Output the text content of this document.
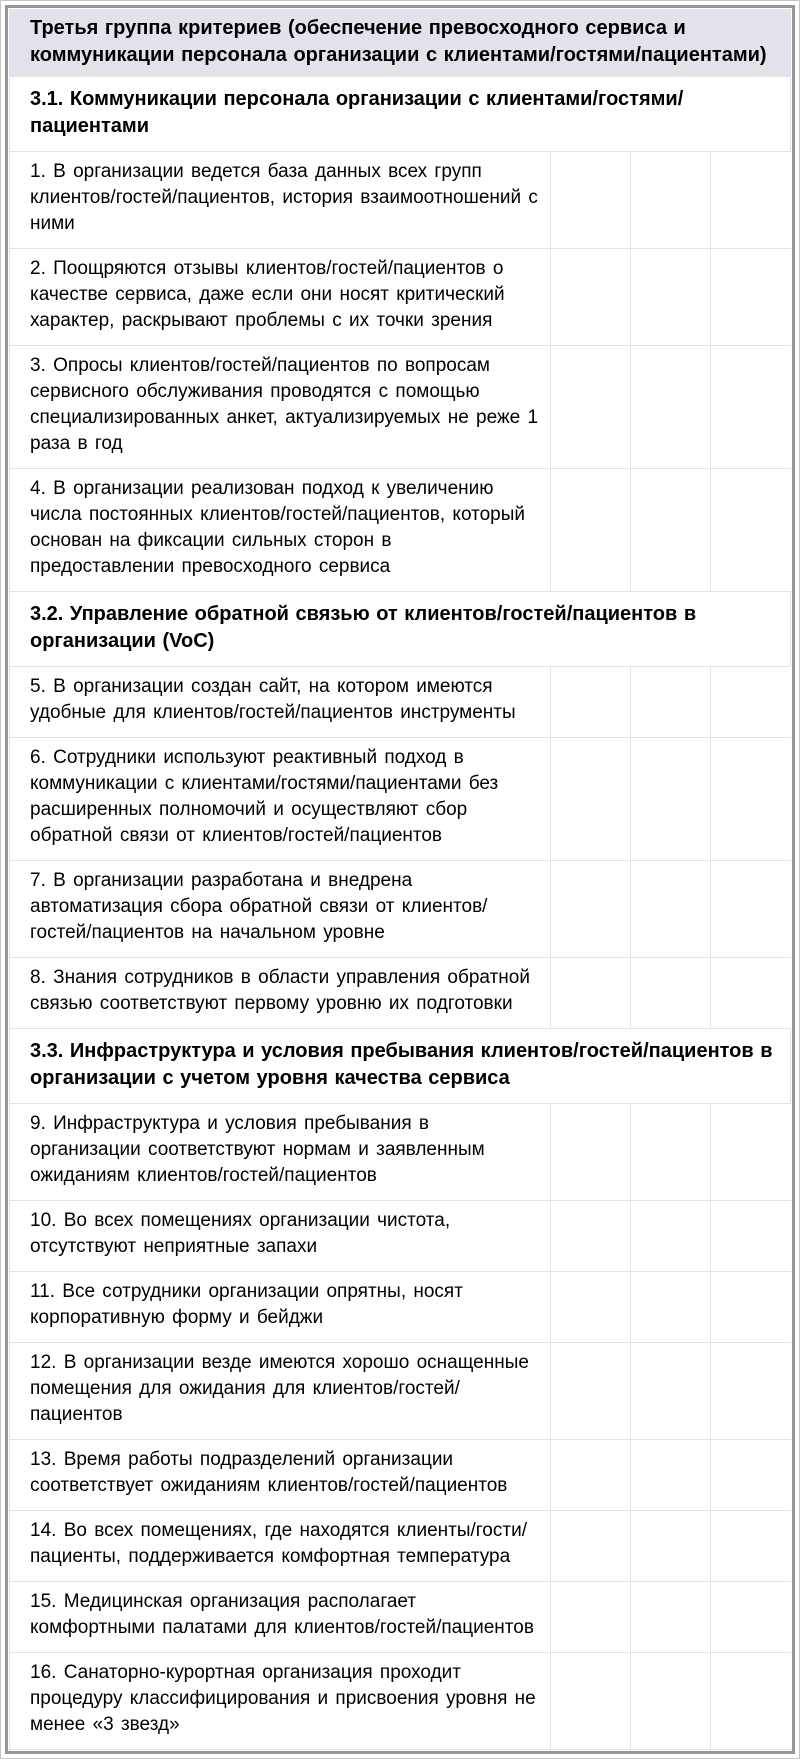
Третья группа критериев (обеспечение превосходного сервиса и коммуникации персонала организации с клиентами/гостями/пациентами)			
3.1. Коммуникации персонала организации с клиентами/гостями/пациентами			
1. В организации ведется база данных всех групп клиентов/гостей/пациентов, история взаимоотношений с ними			
2. Поощряются отзывы клиентов/гостей/пациентов о качестве сервиса, даже если они носят критический характер, раскрывают проблемы с их точки зрения			
3. Опросы клиентов/гостей/пациентов по вопросам сервисного обслуживания проводятся с помощью специализированных анкет, актуализируемых не реже 1 раза в год			
4. В организации реализован подход к увеличению числа постоянных клиентов/гостей/пациентов, который основан на фиксации сильных сторон в предоставлении превосходного сервиса			
3.2. Управление обратной связью от клиентов/гостей/пациентов в организации (VoC)			
5. В организации создан сайт, на котором имеются удобные для клиентов/гостей/пациентов инструменты			
6. Сотрудники используют реактивный подход в коммуникации с клиентами/гостями/пациентами без расширенных полномочий и осуществляют сбор обратной связи от клиентов/гостей/пациентов			
7. В организации разработана и внедрена автоматизация сбора обратной связи от клиентов/гостей/пациентов на начальном уровне			
8. Знания сотрудников в области управления обратной связью соответствуют первому уровню их подготовки			
3.3. Инфраструктура и условия пребывания клиентов/гостей/пациентов в организации с учетом уровня качества сервиса			
9. Инфраструктура и условия пребывания в организации соответствуют нормам и заявленным ожиданиям клиентов/гостей/пациентов			
10. Во всех помещениях организации чистота, отсутствуют неприятные запахи			
11. Все сотрудники организации опрятны, носят корпоративную форму и бейджи			
12. В организации везде имеются хорошо оснащенные помещения для ожидания для клиентов/гостей/пациентов			
13. Время работы подразделений организации соответствует ожиданиям клиентов/гостей/пациентов			
14. Во всех помещениях, где находятся клиенты/гости/пациенты, поддерживается комфортная температура			
15. Медицинская организация располагает комфортными палатами для клиентов/гостей/пациентов			
16. Санаторно-курортная организация проходит процедуру классифицирования и присвоения уровня не менее «3 звезд»			
